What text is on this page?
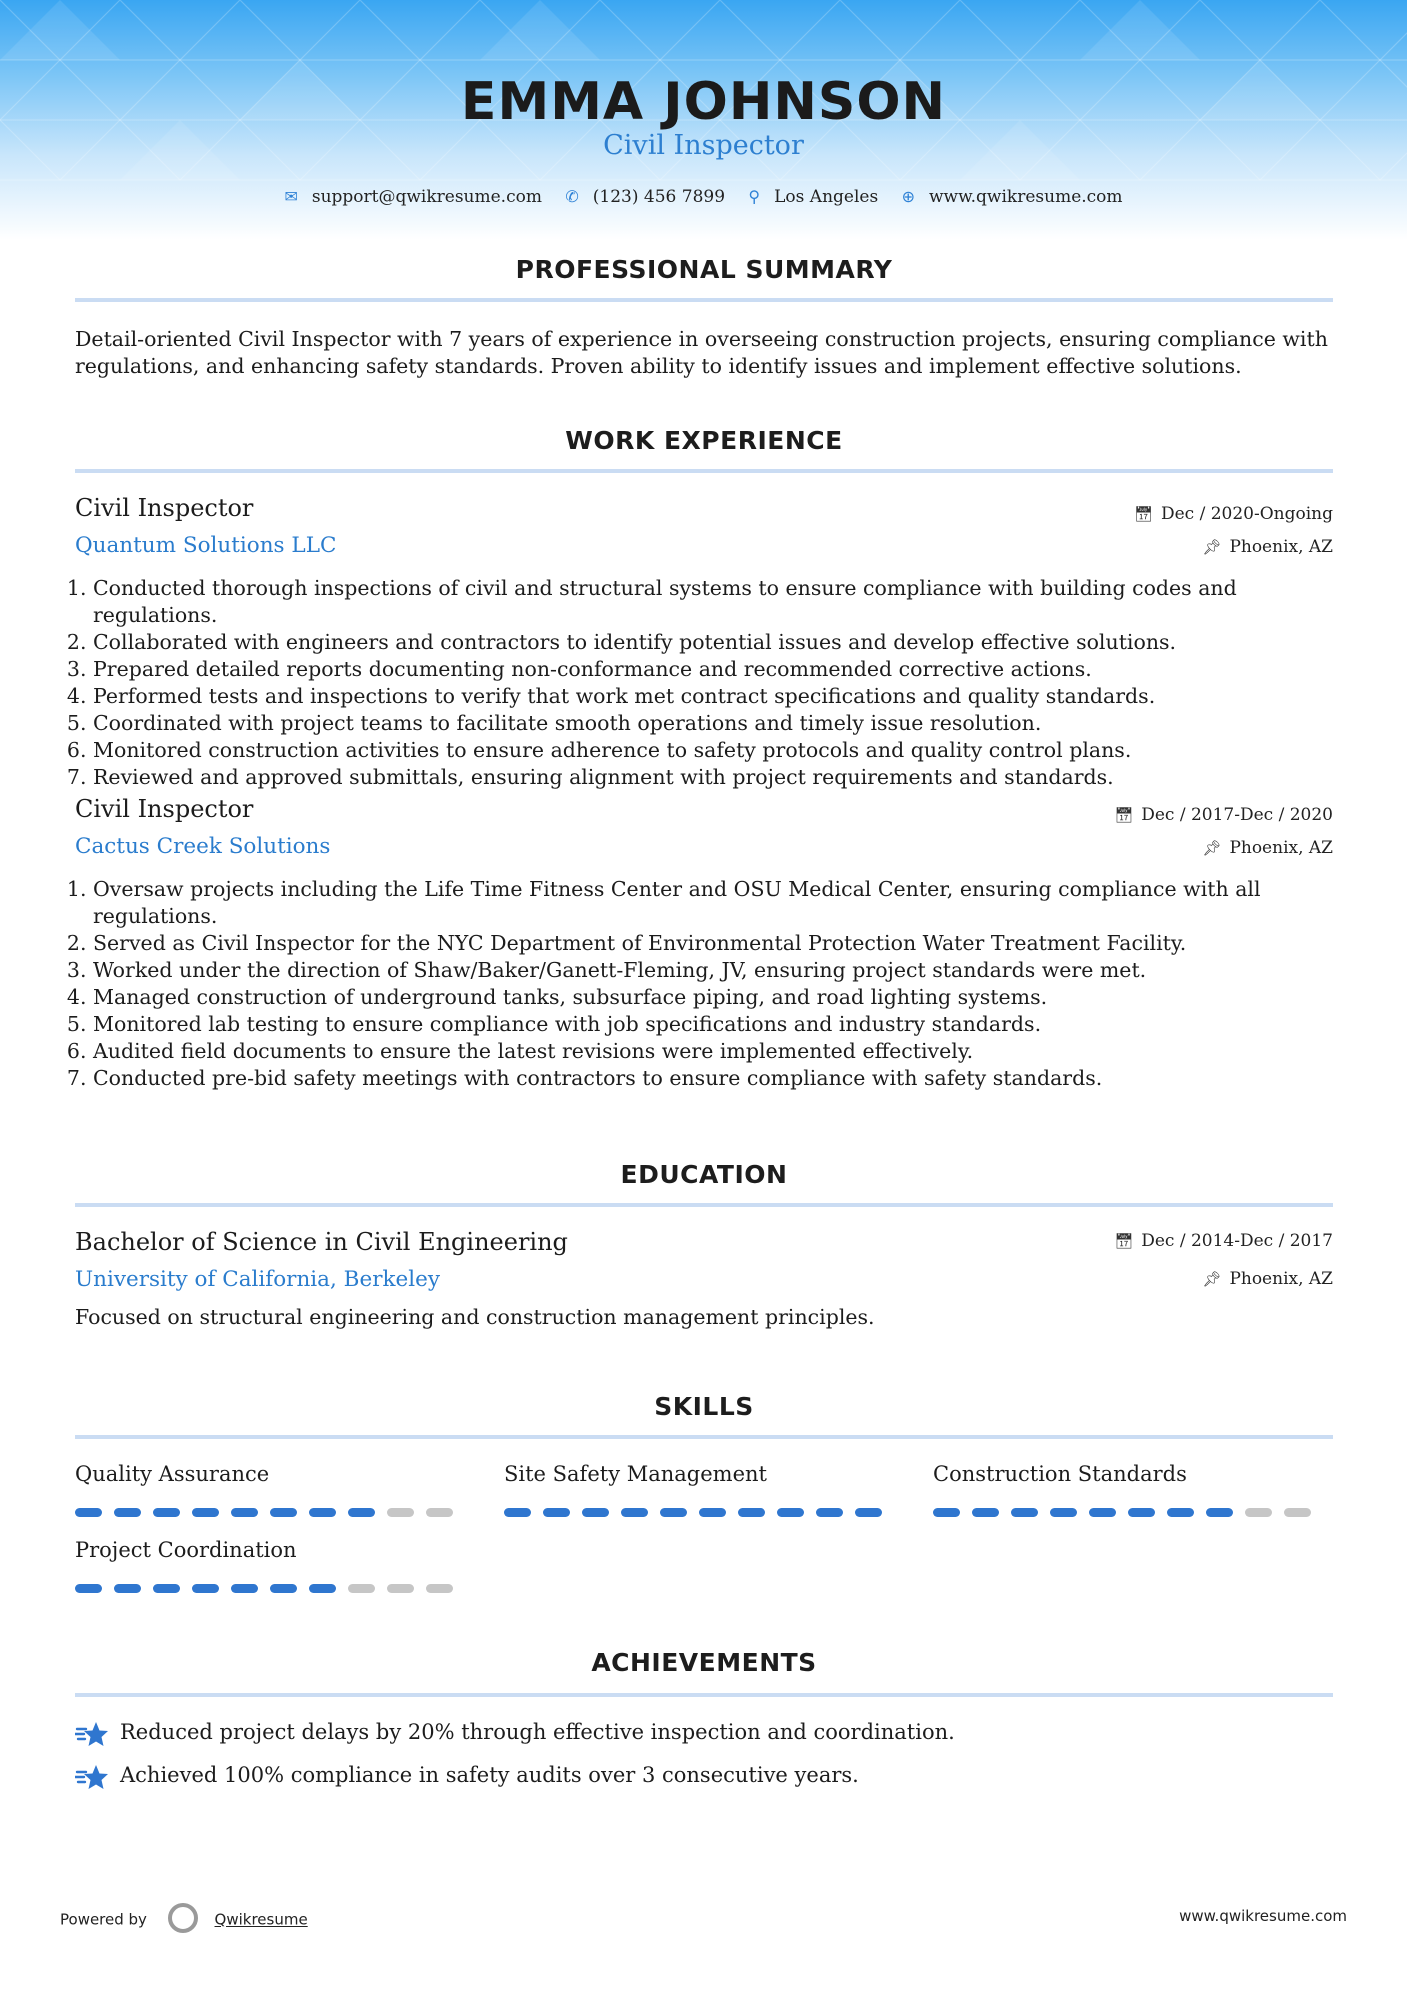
EMMA JOHNSON
Civil Inspector
✉ support@qwikresume.com ✆ (123) 456 7899 ⚲ Los Angeles ⊕ www.qwikresume.com
PROFESSIONAL SUMMARY
Detail-oriented Civil Inspector with 7 years of experience in overseeing construction projects, ensuring compliance with regulations, and enhancing safety standards. Proven ability to identify issues and implement effective solutions.
WORK EXPERIENCE
Civil Inspector	📅︎ Dec / 2020-Ongoing
Quantum Solutions LLC	📌︎ Phoenix, AZ
1. Conducted thorough inspections of civil and structural systems to ensure compliance with building codes and regulations.
2. Collaborated with engineers and contractors to identify potential issues and develop effective solutions.
3. Prepared detailed reports documenting non-conformance and recommended corrective actions.
4. Performed tests and inspections to verify that work met contract specifications and quality standards.
5. Coordinated with project teams to facilitate smooth operations and timely issue resolution.
6. Monitored construction activities to ensure adherence to safety protocols and quality control plans.
7. Reviewed and approved submittals, ensuring alignment with project requirements and standards.
Civil Inspector	📅︎ Dec / 2017-Dec / 2020
Cactus Creek Solutions	📌︎ Phoenix, AZ
1. Oversaw projects including the Life Time Fitness Center and OSU Medical Center, ensuring compliance with all regulations.
2. Served as Civil Inspector for the NYC Department of Environmental Protection Water Treatment Facility.
3. Worked under the direction of Shaw/Baker/Ganett-Fleming, JV, ensuring project standards were met.
4. Managed construction of underground tanks, subsurface piping, and road lighting systems.
5. Monitored lab testing to ensure compliance with job specifications and industry standards.
6. Audited field documents to ensure the latest revisions were implemented effectively.
7. Conducted pre-bid safety meetings with contractors to ensure compliance with safety standards.
EDUCATION
Bachelor of Science in Civil Engineering	📅︎ Dec / 2014-Dec / 2017
University of California, Berkeley	📌︎ Phoenix, AZ
Focused on structural engineering and construction management principles.
SKILLS
Quality Assurance	Site Safety Management	Construction Standards
Project Coordination
ACHIEVEMENTS
Reduced project delays by 20% through effective inspection and coordination.
Achieved 100% compliance in safety audits over 3 consecutive years.
Powered by	Qwikresume	www.qwikresume.com
